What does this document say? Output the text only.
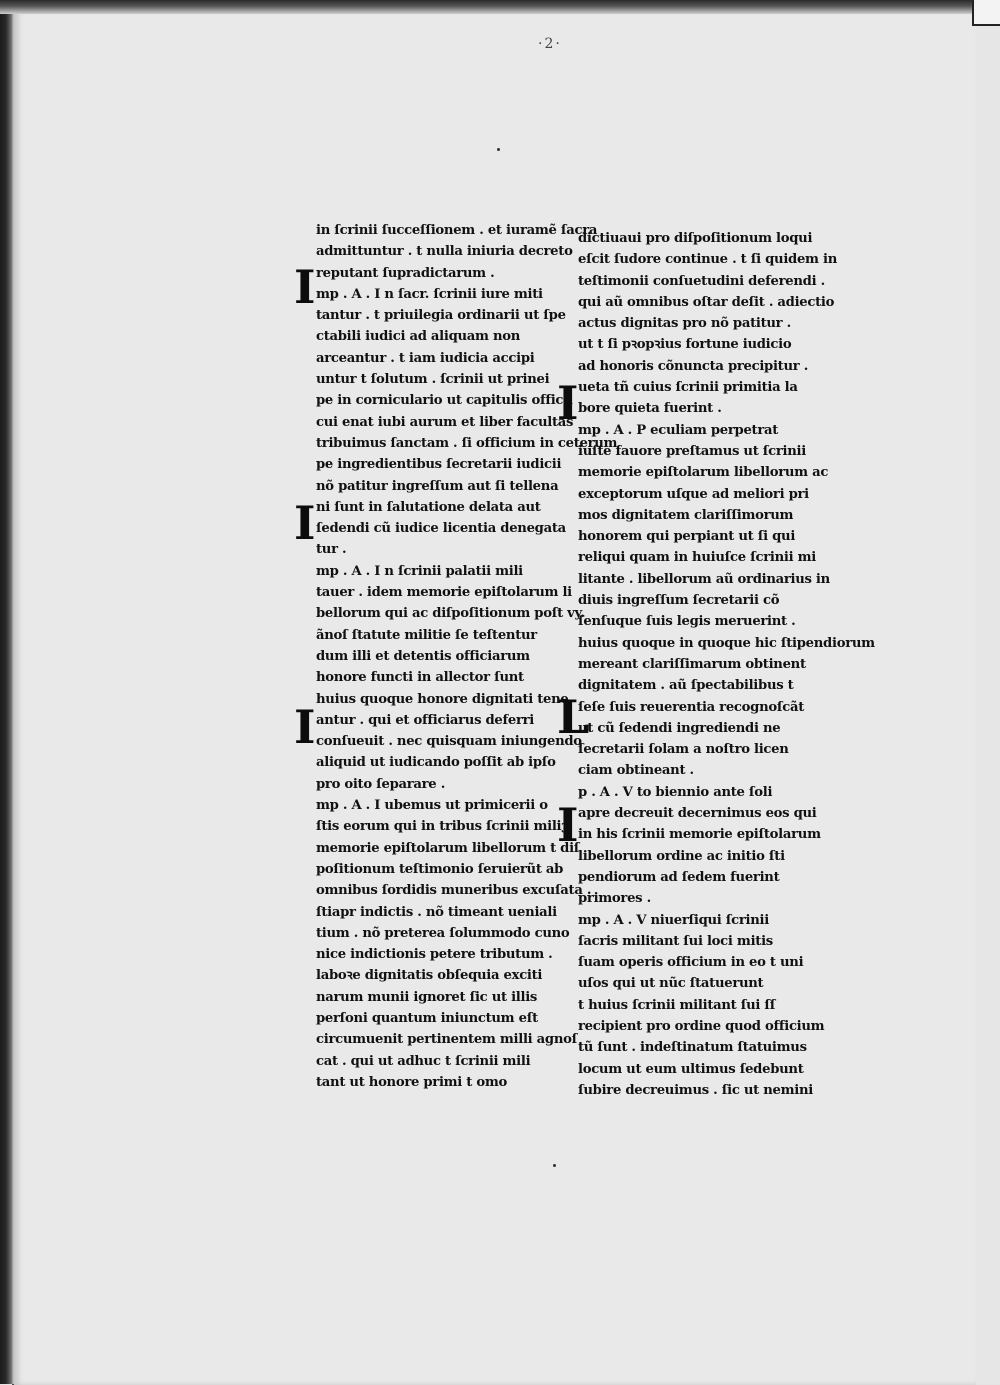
·2·
in ſcrinii ſucceſſionem . et iuramẽ ſacra
admittuntur . t nulla iniuria decreto
reputant ſupradictarum .
mp . A . I n ſacr. ſcrinii iure miti
tantur . t priuilegia ordinarii ut ſpe
ctabili iudici ad aliquam non
arceantur . t iam iudicia accipi
untur t ſolutum . ſcrinii ut prinei
pe in corniculario ut capitulis officii
cui enat iubi aurum et liber facultas
tribuimus ſanctam . ſi officium in ceterum
pe ingredientibus ſecretarii iudicii
nõ patitur ingreſſum aut ſi tellena
ni ſunt in ſalutatione delata aut
ſedendi cũ iudice licentia denegata
tur .
mp . A . I n ſcrinii palatii mili
tauer . idem memorie epiſtolarum li
bellorum qui ac diſpoſitionum poſt vy.
ãnoſ ſtatute militie ſe teſtentur
dum illi et detentis officiarum
honore functi in allector ſunt
huius quoque honore dignitati tene
antur . qui et officiarus deferri
conſueuit . nec quisquam iniungendo
aliquid ut iudicando poſſit ab ipſo
pro oito ſeparare .
mp . A . I ubemus ut primicerii o
ſtis eorum qui in tribus ſcrinii miliʒ
memorie epiſtolarum libellorum t diſ
poſitionum teſtimonio ſeruierũt ab
omnibus ſordidis muneribus excuſata .
ſtiapr indictis . nõ timeant ueniali
tium . nõ preterea ſolummodo cuno
nice indictionis petere tributum .
laboꝛe dignitatis obſequia exciti
narum munii ignoret ſic ut illis
perſoni quantum iniunctum eſt
circumuenit pertinentem milli agnoſ
cat . qui ut adhuc t ſcrinii mili
tant ut honore primi t omo
dictiuaui pro diſpoſitionum loqui
eſcit ſudore continue . t ſi quidem in
teſtimonii conſuetudini deferendi .
qui aũ omnibus oſtar deſit . adiectio
actus dignitas pro nõ patitur .
ut t ſi pꝛopꝛius fortune iudicio
ad honoris cõnuncta precipitur .
ueta tñ cuius ſcrinii primitia la
bore quieta fuerint .
mp . A . P eculiam perpetrat
iuſte fauore preſtamus ut ſcrinii
memorie epiſtolarum libellorum ac
exceptorum uſque ad meliori pri
mos dignitatem clariſſimorum
honorem qui perpiant ut ſi qui
reliqui quam in huiuſce ſcrinii mi
litante . libellorum aũ ordinarius in
diuis ingreſſum ſecretarii cõ
ſenſuque ſuis legis meruerint .
huius quoque in quoque hic ſtipendiorum
mereant clariſſimarum obtinent
dignitatem . aũ ſpectabilibus t
ſeſe ſuis reuerentia recognoſcãt
ut cũ ſedendi ingrediendi ne
ſecretarii ſolam a noſtro licen
ciam obtineant .
p . A . V to biennio ante ſoli
apre decreuit decernimus eos qui
in his ſcrinii memorie epiſtolarum
libellorum ordine ac initio ſti
pendiorum ad ſedem fuerint
primores .
mp . A . V niuerſiqui ſcrinii
ſacris militant ſui loci mitis
ſuam operis officium in eo t uni
uſos qui ut nũc ſtatuerunt
t huius ſcrinii militant ſui ſſ
recipient pro ordine quod officium
tũ ſunt . indeſtinatum ſtatuimus
locum ut eum ultimus ſedebunt
ſubire decreuimus . ſic ut nemini
I
I
I
I
L
I
